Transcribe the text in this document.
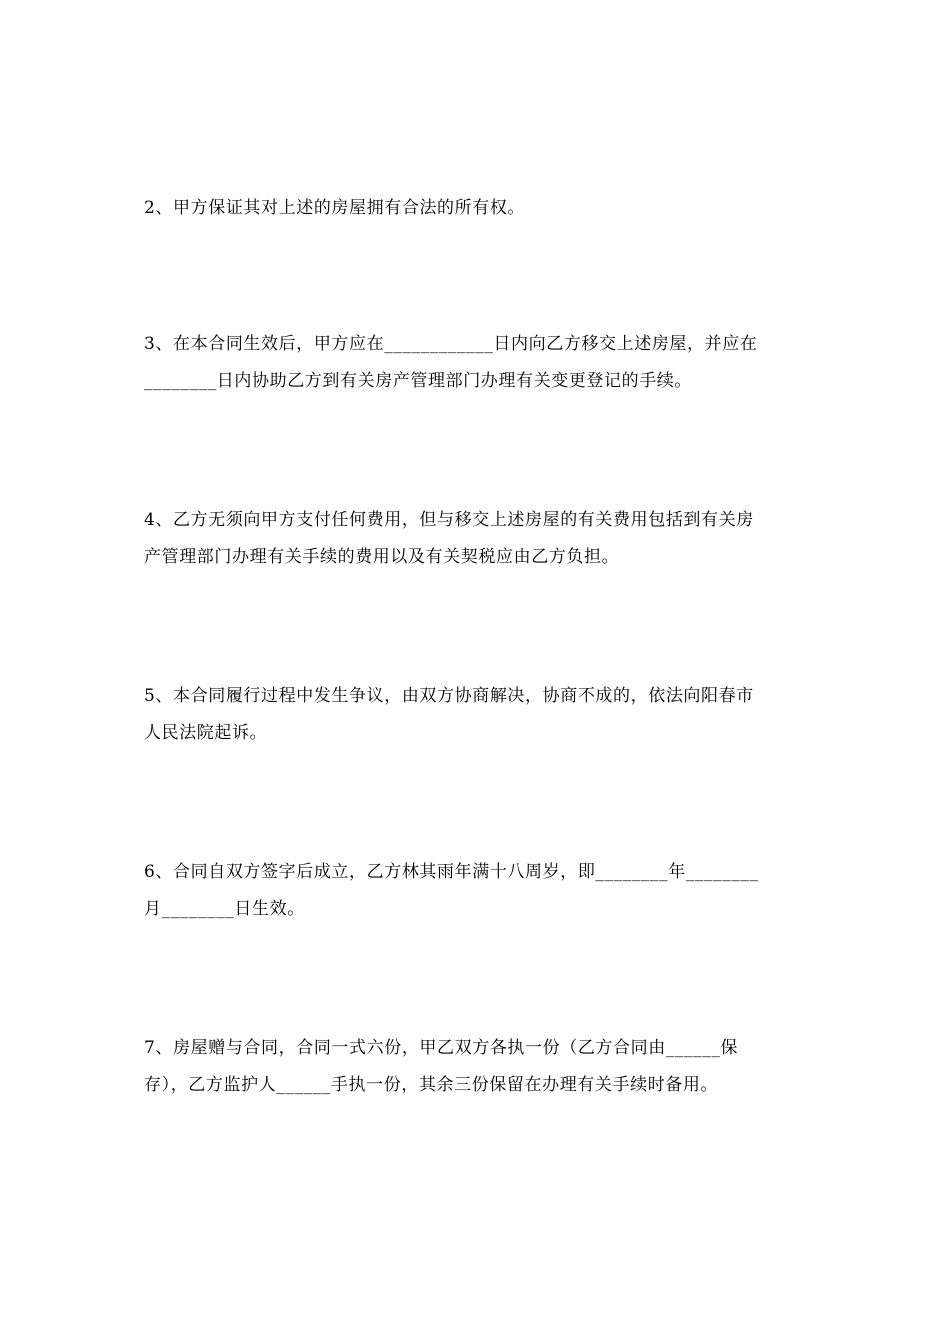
2、甲方保证其对上述的房屋拥有合法的所有权。

3、在本合同生效后，甲方应在____________日内向乙方移交上述房屋，并应在
________日内协助乙方到有关房产管理部门办理有关变更登记的手续。

4、乙方无须向甲方支付任何费用，但与移交上述房屋的有关费用包括到有关房
产管理部门办理有关手续的费用以及有关契税应由乙方负担。

5、本合同履行过程中发生争议，由双方协商解决，协商不成的，依法向阳春市
人民法院起诉。

6、合同自双方签字后成立，乙方林其雨年满十八周岁，即________年________
月________日生效。

7、房屋赠与合同，合同一式六份，甲乙双方各执一份（乙方合同由______保
存），乙方监护人______手执一份，其余三份保留在办理有关手续时备用。
